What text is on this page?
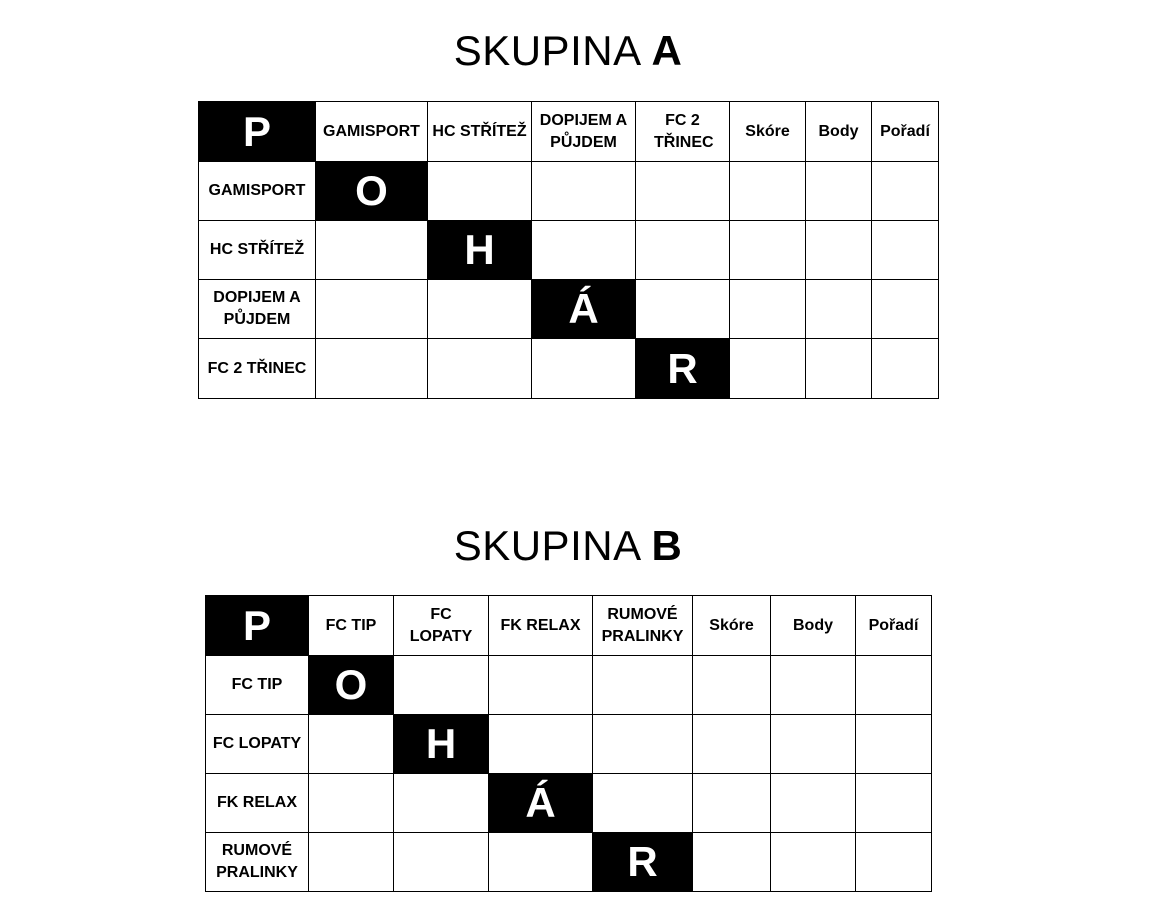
SKUPINA A
P	GAMISPORT	HC STŘÍTEŽ	DOPIJEM A PŮJDEM	FC 2 TŘINEC	Skóre	Body	Pořadí
GAMISPORT	O						
HC STŘÍTEŽ		H					
DOPIJEM A PŮJDEM			Á				
FC 2 TŘINEC				R			
SKUPINA B
P	FC TIP	FC LOPATY	FK RELAX	RUMOVÉ PRALINKY	Skóre	Body	Pořadí
FC TIP	O						
FC LOPATY		H					
FK RELAX			Á				
RUMOVÉ PRALINKY				R			
